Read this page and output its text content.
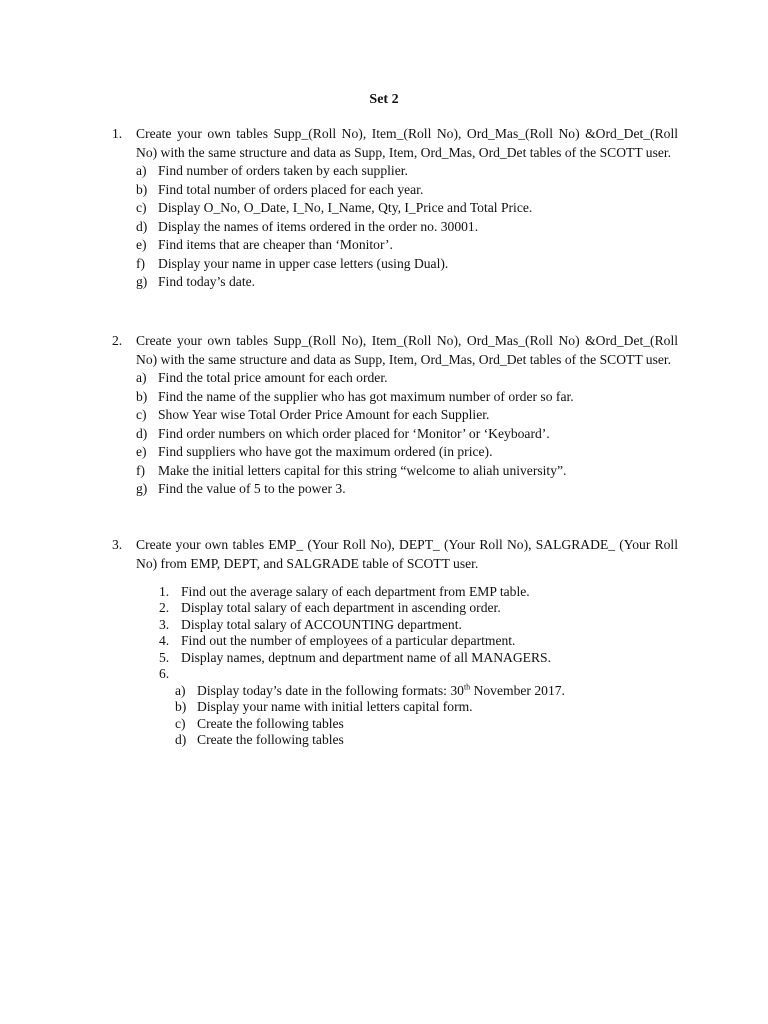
Set 2
1. Create your own tables Supp_(Roll No), Item_(Roll No), Ord_Mas_(Roll No) &Ord_Det_(Roll No) with the same structure and data as Supp, Item, Ord_Mas, Ord_Det tables of the SCOTT user.
a) Find number of orders taken by each supplier.
b) Find total number of orders placed for each year.
c) Display O_No, O_Date, I_No, I_Name, Qty, I_Price and Total Price.
d) Display the names of items ordered in the order no. 30001.
e) Find items that are cheaper than ‘Monitor’.
f) Display your name in upper case letters (using Dual).
g) Find today’s date.
2. Create your own tables Supp_(Roll No), Item_(Roll No), Ord_Mas_(Roll No) &Ord_Det_(Roll No) with the same structure and data as Supp, Item, Ord_Mas, Ord_Det tables of the SCOTT user.
a) Find the total price amount for each order.
b) Find the name of the supplier who has got maximum number of order so far.
c) Show Year wise Total Order Price Amount for each Supplier.
d) Find order numbers on which order placed for ‘Monitor’ or ‘Keyboard’.
e) Find suppliers who have got the maximum ordered (in price).
f) Make the initial letters capital for this string “welcome to aliah university”.
g) Find the value of 5 to the power 3.
3. Create your own tables EMP_ (Your Roll No), DEPT_ (Your Roll No), SALGRADE_ (Your Roll No) from EMP, DEPT, and SALGRADE table of SCOTT user.
1. Find out the average salary of each department from EMP table.
2. Display total salary of each department in ascending order.
3. Display total salary of ACCOUNTING department.
4. Find out the number of employees of a particular department.
5. Display names, deptnum and department name of all MANAGERS.
6.

a) Display today’s date in the following formats: 30th November 2017.
b) Display your name with initial letters capital form.
c) Create the following tables
d) Create the following tables
